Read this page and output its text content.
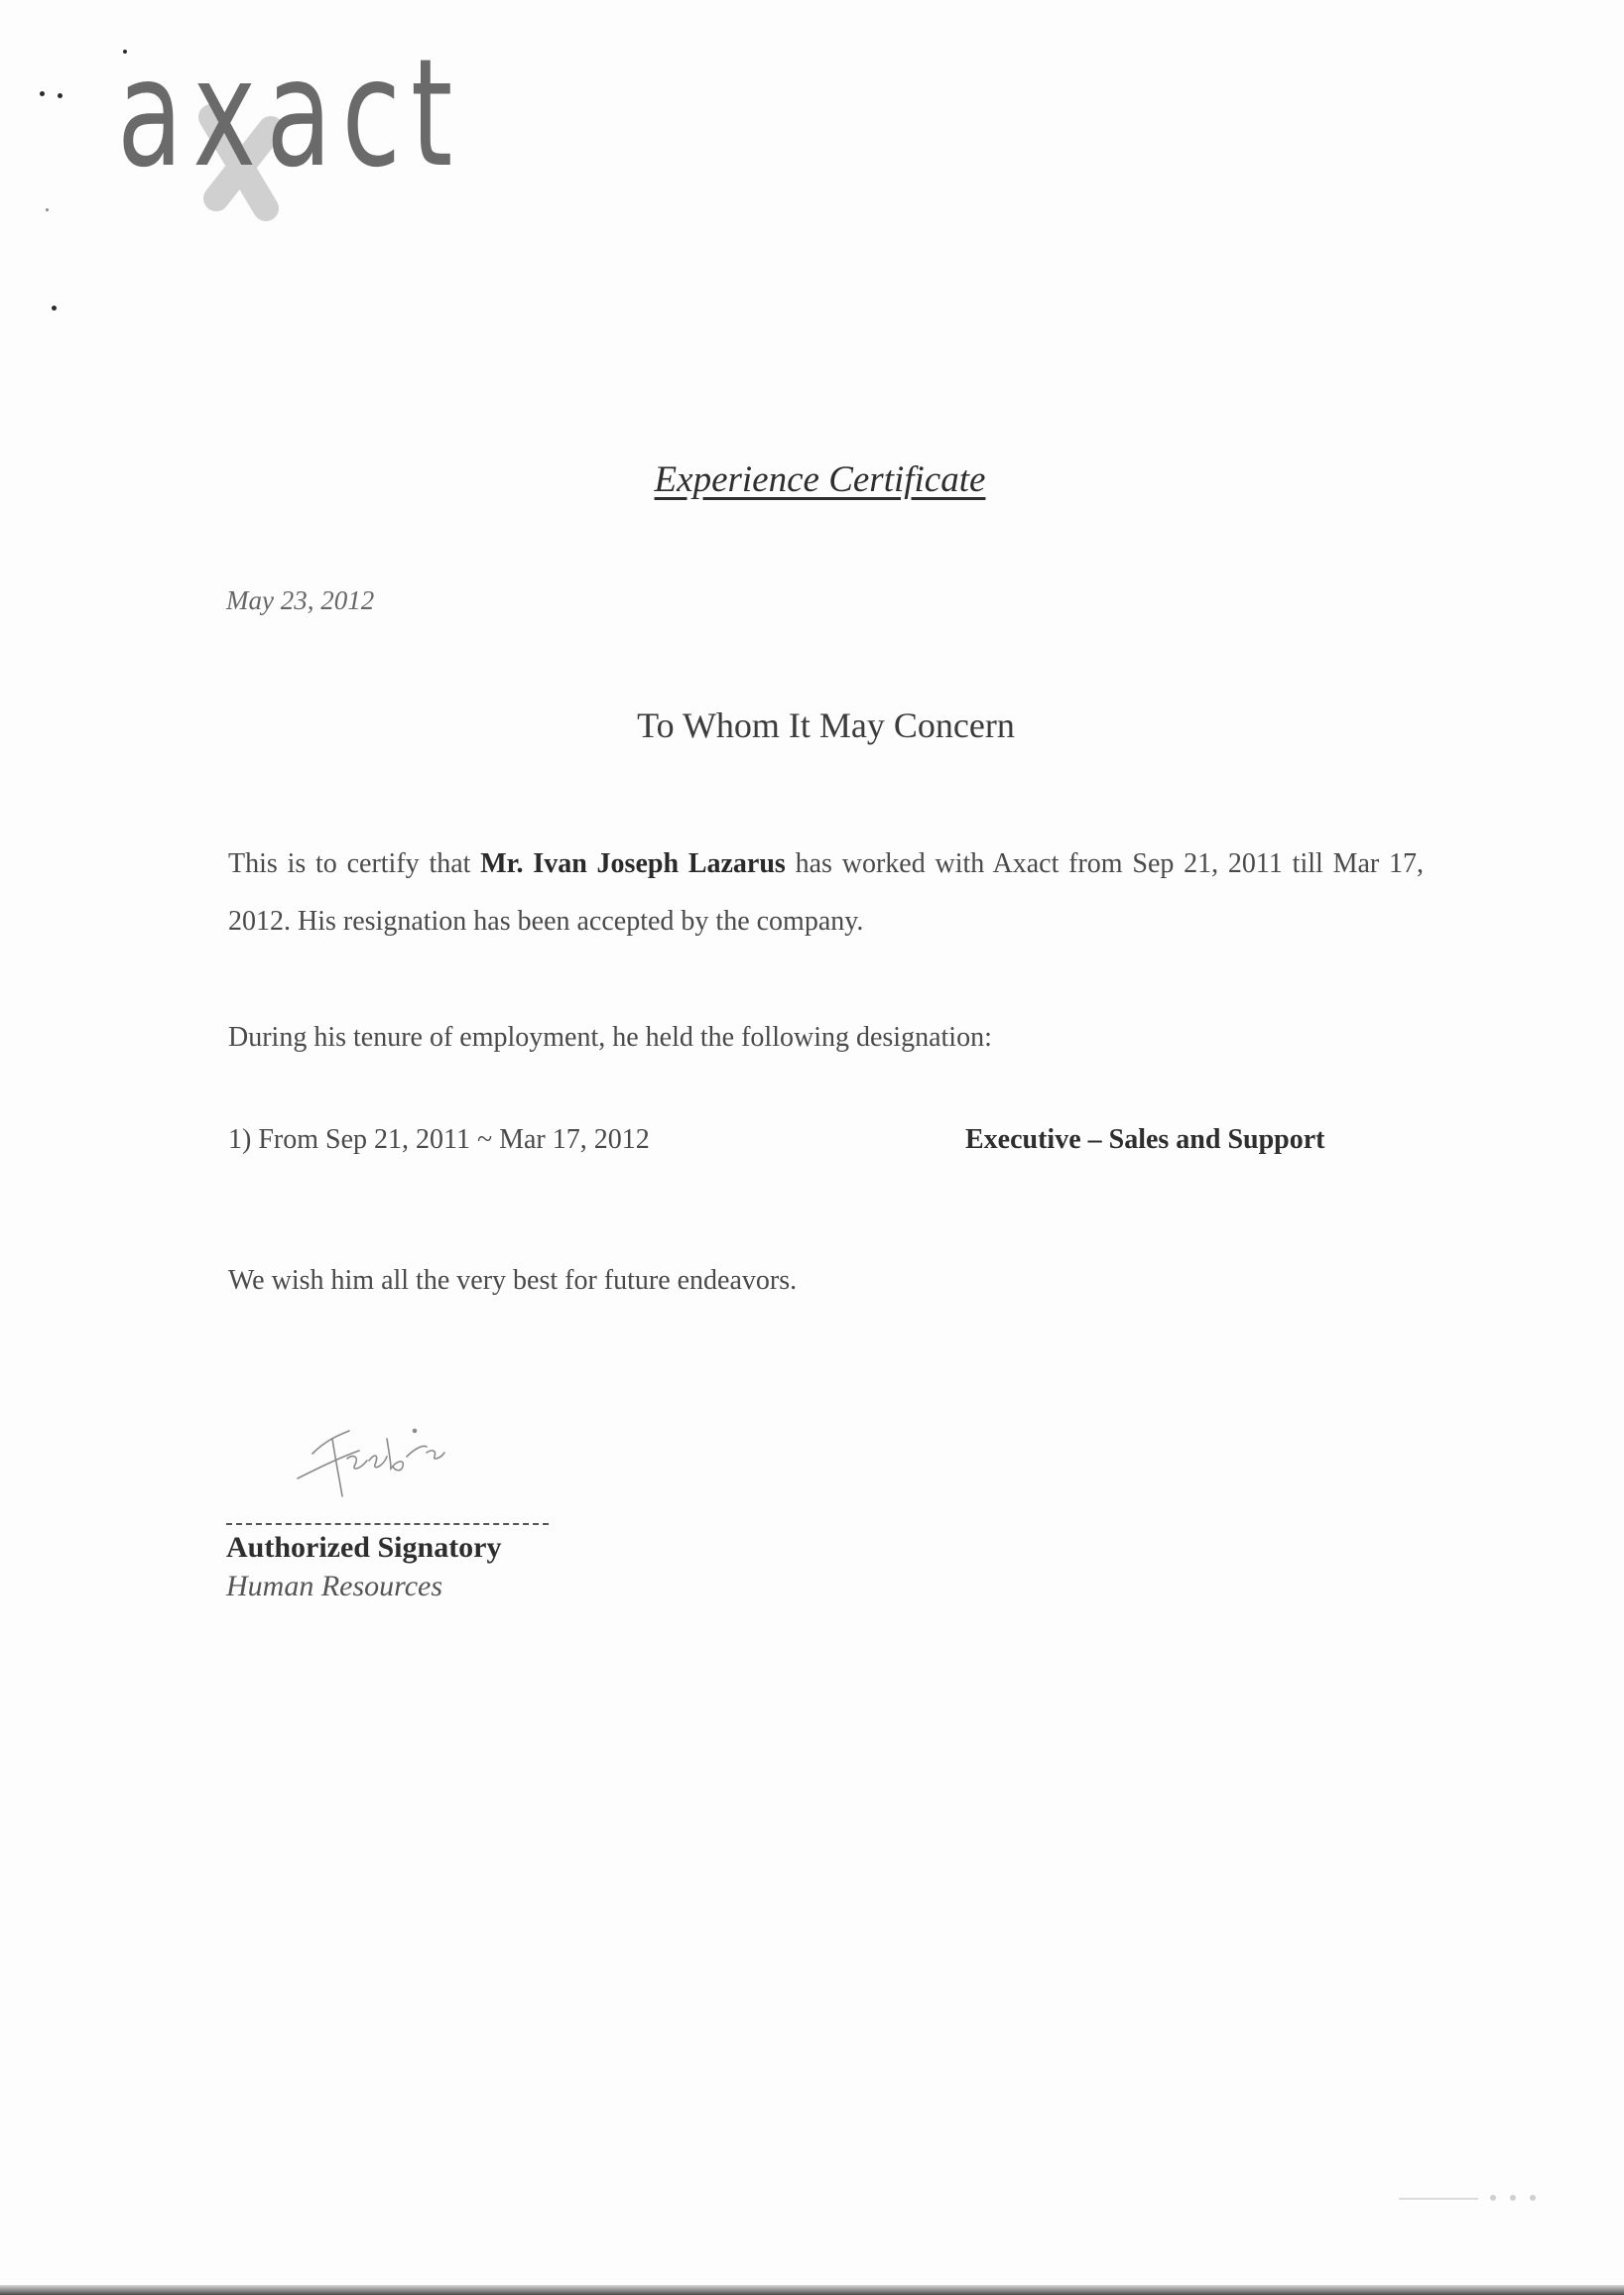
axact
Experience Certificate
May 23, 2012
To Whom It May Concern
This is to certify that Mr. Ivan Joseph Lazarus has worked with Axact from Sep 21, 2011 till Mar 17, 2012. His resignation has been accepted by the company.
During his tenure of employment, he held the following designation:
1) From Sep 21, 2011 ~ Mar 17, 2012	Executive – Sales and Support
We wish him all the very best for future endeavors.
Authorized Signatory
Human Resources
